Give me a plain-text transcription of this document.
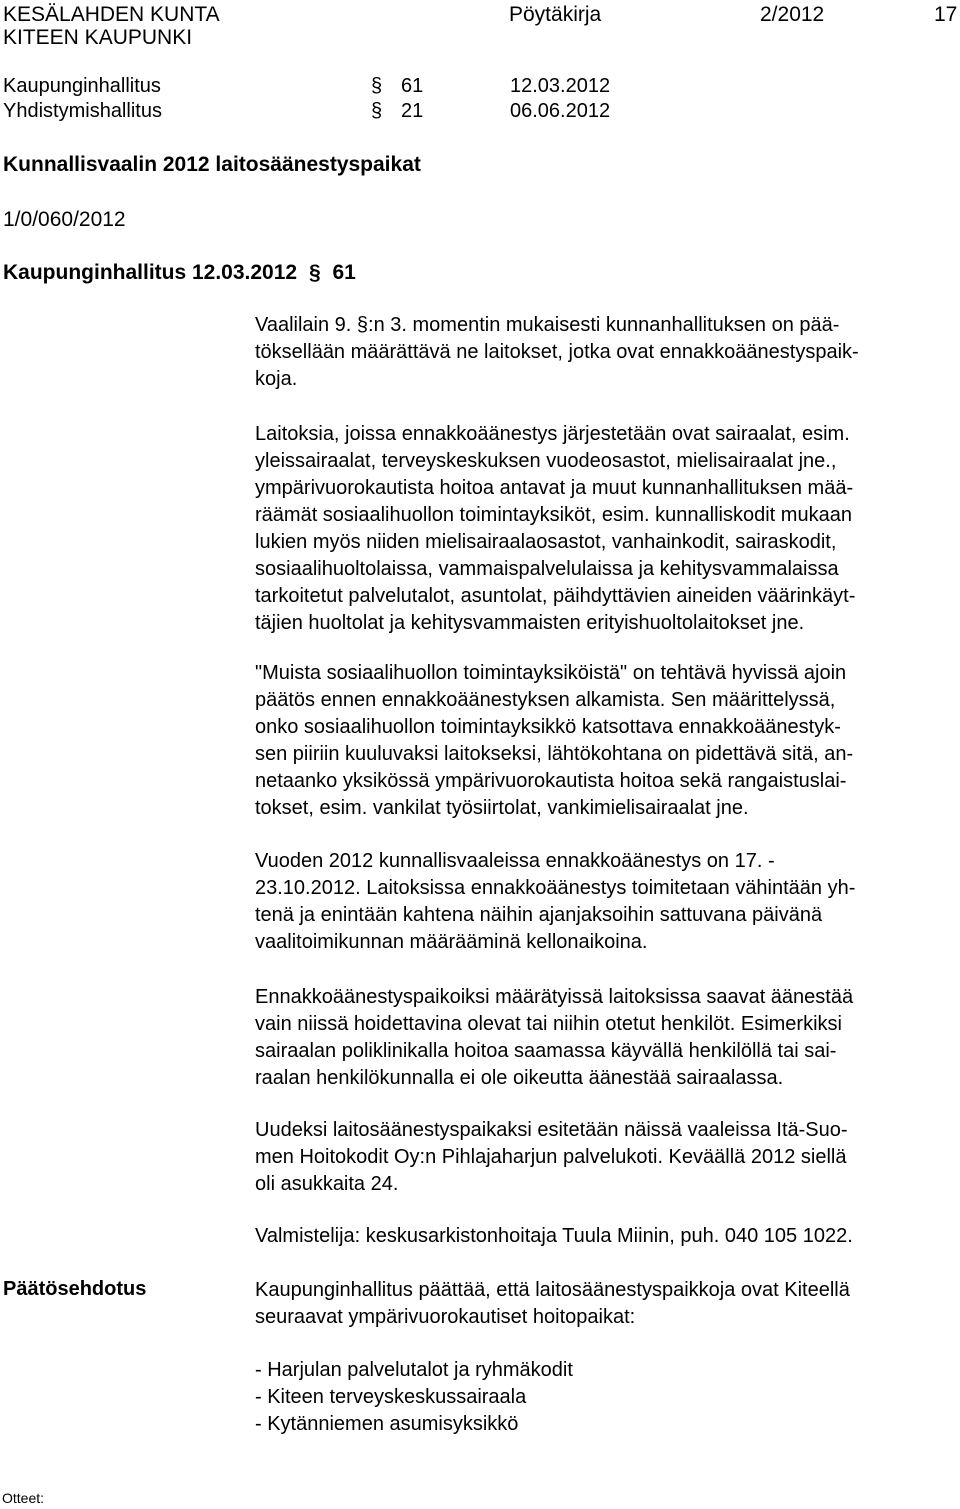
KESÄLAHDEN KUNTA
KITEEN KAUPUNKI
Pöytäkirja	2/2012	17
Kaupunginhallitus	§ 61	12.03.2012
Yhdistymishallitus	§ 21	06.06.2012
Kunnallisvaalin 2012 laitosäänestyspaikat
1/0/060/2012
Kaupunginhallitus 12.03.2012 § 61

Vaalilain 9. §:n 3. momentin mukaisesti kunnanhallituksen on pää-
töksellään määrättävä ne laitokset, jotka ovat ennakkoäänestyspaik-
koja.

Laitoksia, joissa ennakkoäänestys järjestetään ovat sairaalat, esim.
yleissairaalat, terveyskeskuksen vuodeosastot, mielisairaalat jne.,
ympärivuorokautista hoitoa antavat ja muut kunnanhallituksen mää-
räämät sosiaalihuollon toimintayksiköt, esim. kunnalliskodit mukaan
lukien myös niiden mielisairaalaosastot, vanhainkodit, sairaskodit,
sosiaalihuoltolaissa, vammaispalvelulaissa ja kehitysvammalaissa
tarkoitetut palvelutalot, asuntolat, päihdyttävien aineiden väärinkäyt-
täjien huoltolat ja kehitysvammaisten erityishuoltolaitokset jne.

"Muista sosiaalihuollon toimintayksiköistä" on tehtävä hyvissä ajoin
päätös ennen ennakkoäänestyksen alkamista. Sen määrittelyssä,
onko sosiaalihuollon toimintayksikkö katsottava ennakkoäänestyk-
sen piiriin kuuluvaksi laitokseksi, lähtökohtana on pidettävä sitä, an-
netaanko yksikössä ympärivuorokautista hoitoa sekä rangaistuslai-
tokset, esim. vankilat työsiirtolat, vankimielisairaalat jne.

Vuoden 2012 kunnallisvaaleissa ennakkoäänestys on 17. -
23.10.2012. Laitoksissa ennakkoäänestys toimitetaan vähintään yh-
tenä ja enintään kahtena näihin ajanjaksoihin sattuvana päivänä
vaalitoimikunnan määrääminä kellonaikoina.

Ennakkoäänestyspaikoiksi määrätyissä laitoksissa saavat äänestää
vain niissä hoidettavina olevat tai niihin otetut henkilöt. Esimerkiksi
sairaalan poliklinikalla hoitoa saamassa käyvällä henkilöllä tai sai-
raalan henkilökunnalla ei ole oikeutta äänestää sairaalassa.

Uudeksi laitosäänestyspaikaksi esitetään näissä vaaleissa Itä-Suo-
men Hoitokodit Oy:n Pihlajaharjun palvelukoti. Keväällä 2012 siellä
oli asukkaita 24.

Valmistelija: keskusarkistonhoitaja Tuula Miinin, puh. 040 105 1022.

Päätösehdotus	Kaupunginhallitus päättää, että laitosäänestyspaikkoja ovat Kiteellä
seuraavat ympärivuorokautiset hoitopaikat:

- Harjulan palvelutalot ja ryhmäkodit
- Kiteen terveyskeskussairaala
- Kytänniemen asumisyksikkö

Otteet:
